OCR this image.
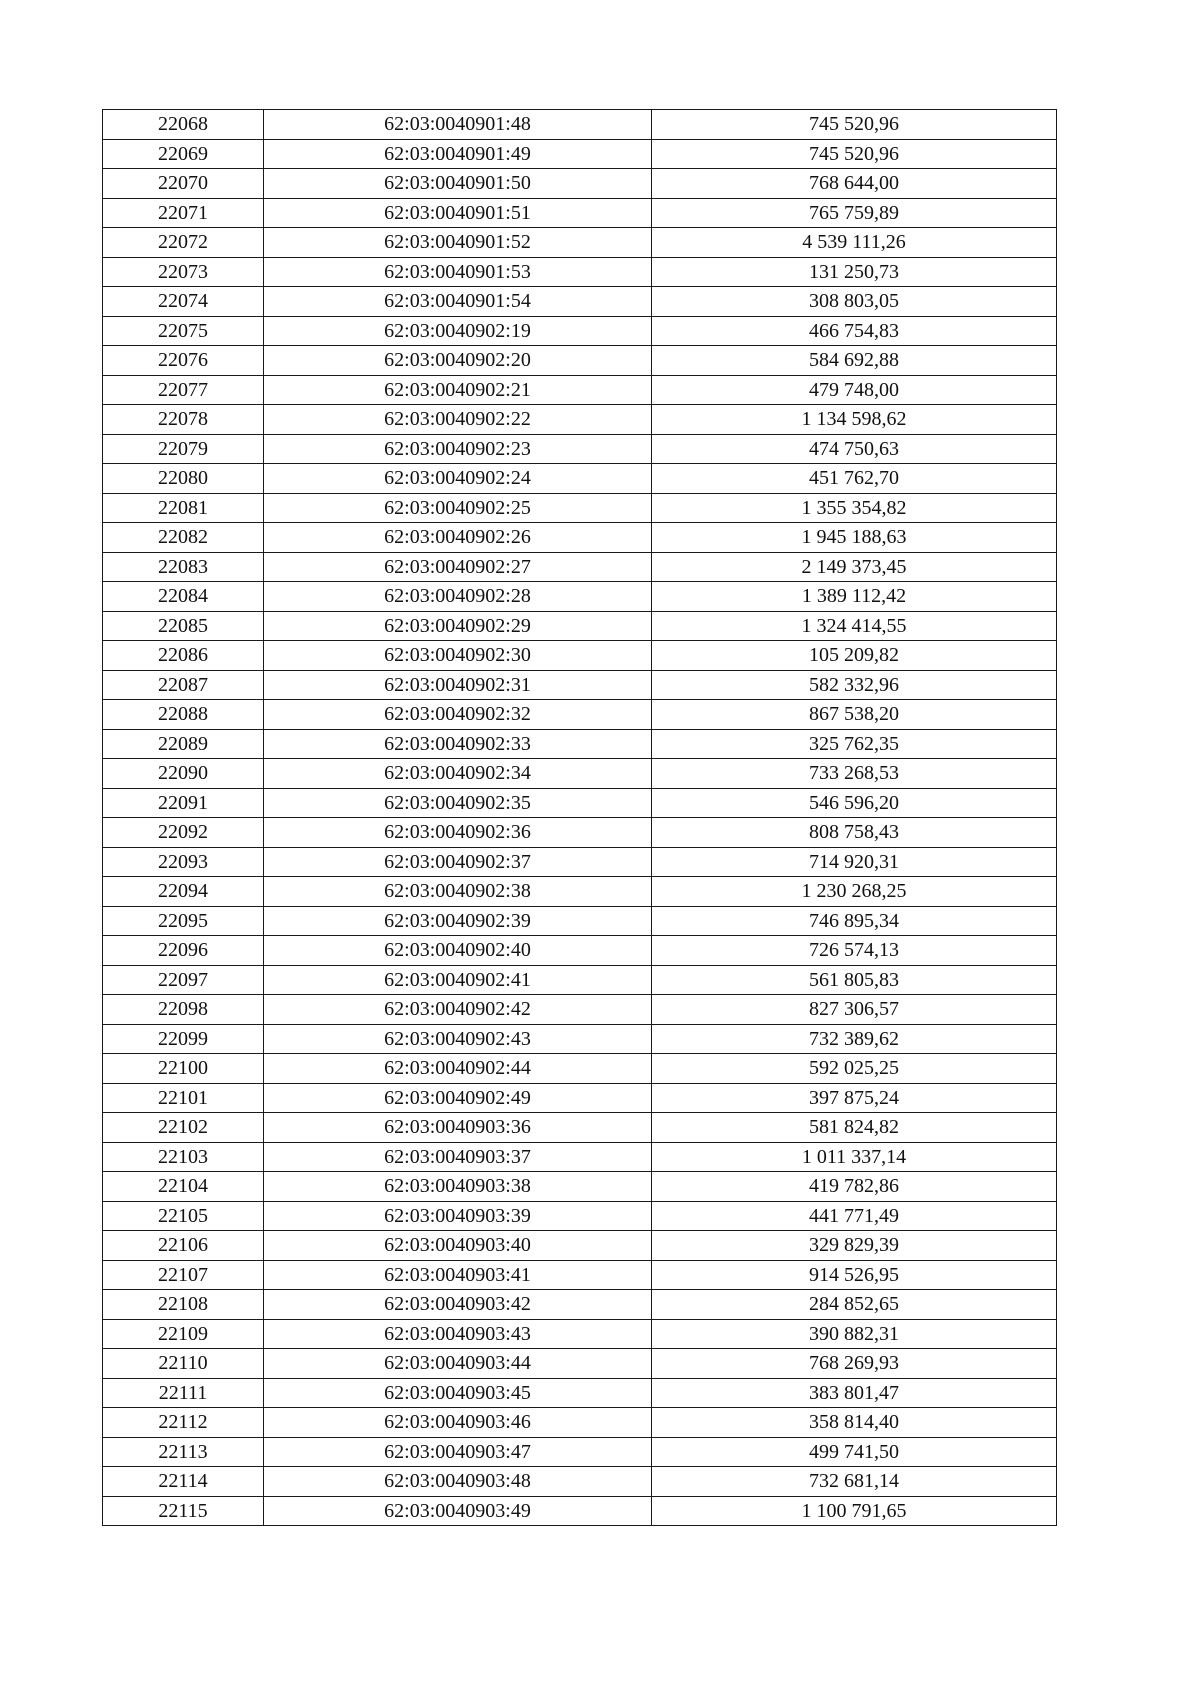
22068	62:03:0040901:48	745 520,96
22069	62:03:0040901:49	745 520,96
22070	62:03:0040901:50	768 644,00
22071	62:03:0040901:51	765 759,89
22072	62:03:0040901:52	4 539 111,26
22073	62:03:0040901:53	131 250,73
22074	62:03:0040901:54	308 803,05
22075	62:03:0040902:19	466 754,83
22076	62:03:0040902:20	584 692,88
22077	62:03:0040902:21	479 748,00
22078	62:03:0040902:22	1 134 598,62
22079	62:03:0040902:23	474 750,63
22080	62:03:0040902:24	451 762,70
22081	62:03:0040902:25	1 355 354,82
22082	62:03:0040902:26	1 945 188,63
22083	62:03:0040902:27	2 149 373,45
22084	62:03:0040902:28	1 389 112,42
22085	62:03:0040902:29	1 324 414,55
22086	62:03:0040902:30	105 209,82
22087	62:03:0040902:31	582 332,96
22088	62:03:0040902:32	867 538,20
22089	62:03:0040902:33	325 762,35
22090	62:03:0040902:34	733 268,53
22091	62:03:0040902:35	546 596,20
22092	62:03:0040902:36	808 758,43
22093	62:03:0040902:37	714 920,31
22094	62:03:0040902:38	1 230 268,25
22095	62:03:0040902:39	746 895,34
22096	62:03:0040902:40	726 574,13
22097	62:03:0040902:41	561 805,83
22098	62:03:0040902:42	827 306,57
22099	62:03:0040902:43	732 389,62
22100	62:03:0040902:44	592 025,25
22101	62:03:0040902:49	397 875,24
22102	62:03:0040903:36	581 824,82
22103	62:03:0040903:37	1 011 337,14
22104	62:03:0040903:38	419 782,86
22105	62:03:0040903:39	441 771,49
22106	62:03:0040903:40	329 829,39
22107	62:03:0040903:41	914 526,95
22108	62:03:0040903:42	284 852,65
22109	62:03:0040903:43	390 882,31
22110	62:03:0040903:44	768 269,93
22111	62:03:0040903:45	383 801,47
22112	62:03:0040903:46	358 814,40
22113	62:03:0040903:47	499 741,50
22114	62:03:0040903:48	732 681,14
22115	62:03:0040903:49	1 100 791,65
